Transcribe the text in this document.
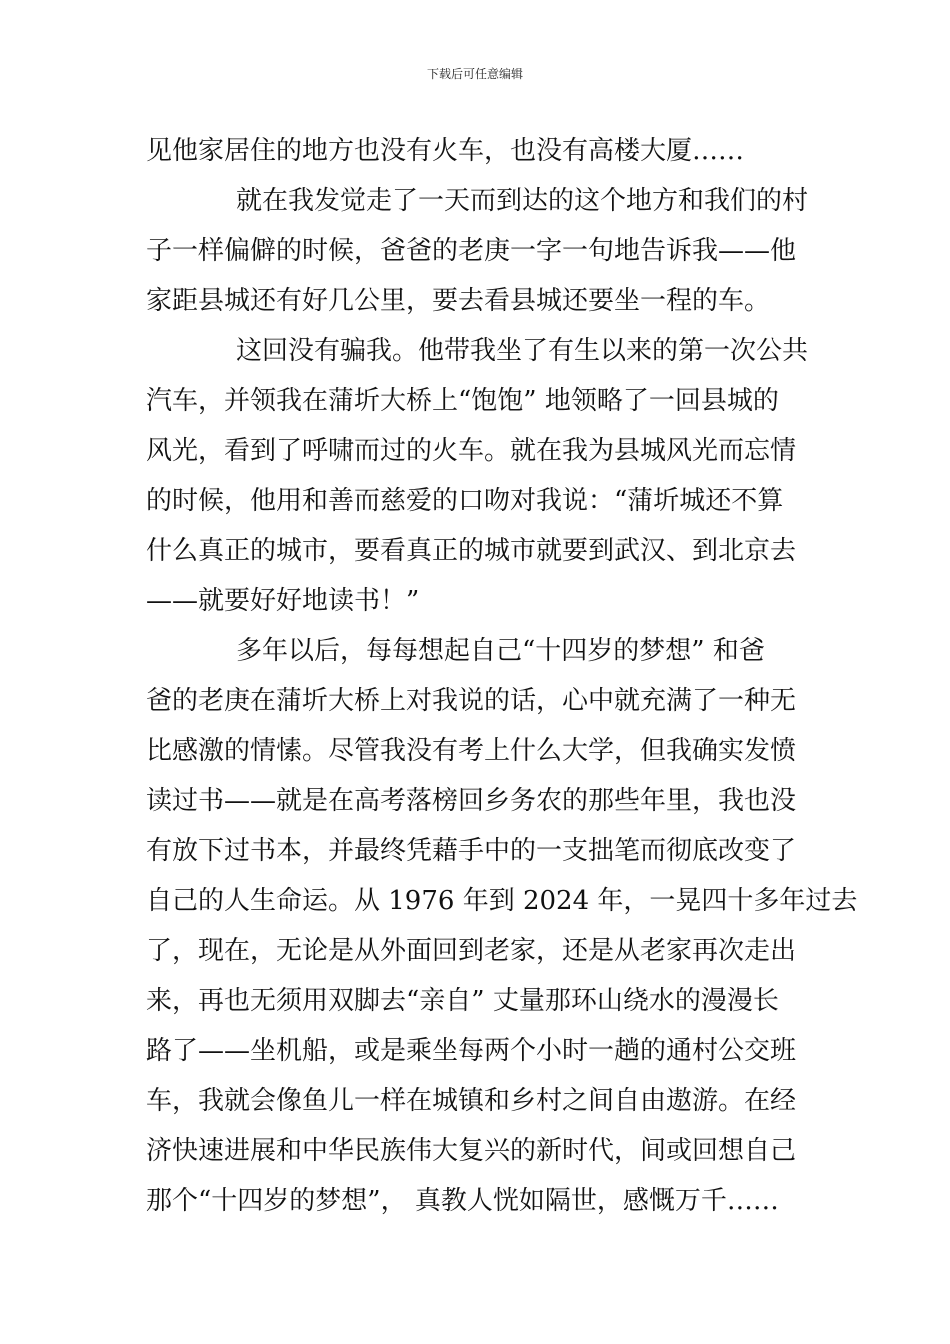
下载后可任意编辑
见他家居住的地方也没有火车，也没有高楼大厦……
就在我发觉走了一天而到达的这个地方和我们的村
子一样偏僻的时候，爸爸的老庚一字一句地告诉我——他
家距县城还有好几公里，要去看县城还要坐一程的车。
这回没有骗我。他带我坐了有生以来的第一次公共
汽车，并领我在蒲圻大桥上“饱饱” 地领略了一回县城的
风光，看到了呼啸而过的火车。就在我为县城风光而忘情
的时候，他用和善而慈爱的口吻对我说：“蒲圻城还不算
什么真正的城市，要看真正的城市就要到武汉、到北京去
——就要好好地读书！”
多年以后，每每想起自己“十四岁的梦想” 和爸
爸的老庚在蒲圻大桥上对我说的话，心中就充满了一种无
比感激的情愫。尽管我没有考上什么大学，但我确实发愤
读过书——就是在高考落榜回乡务农的那些年里，我也没
有放下过书本，并最终凭藉手中的一支拙笔而彻底改变了
自己的人生命运。从 1976 年到 2024 年，一晃四十多年过去
了，现在，无论是从外面回到老家，还是从老家再次走出
来，再也无须用双脚去“亲自” 丈量那环山绕水的漫漫长
路了——坐机船，或是乘坐每两个小时一趟的通村公交班
车，我就会像鱼儿一样在城镇和乡村之间自由遨游。在经
济快速进展和中华民族伟大复兴的新时代，间或回想自己
那个“十四岁的梦想”， 真教人恍如隔世，感慨万千……
